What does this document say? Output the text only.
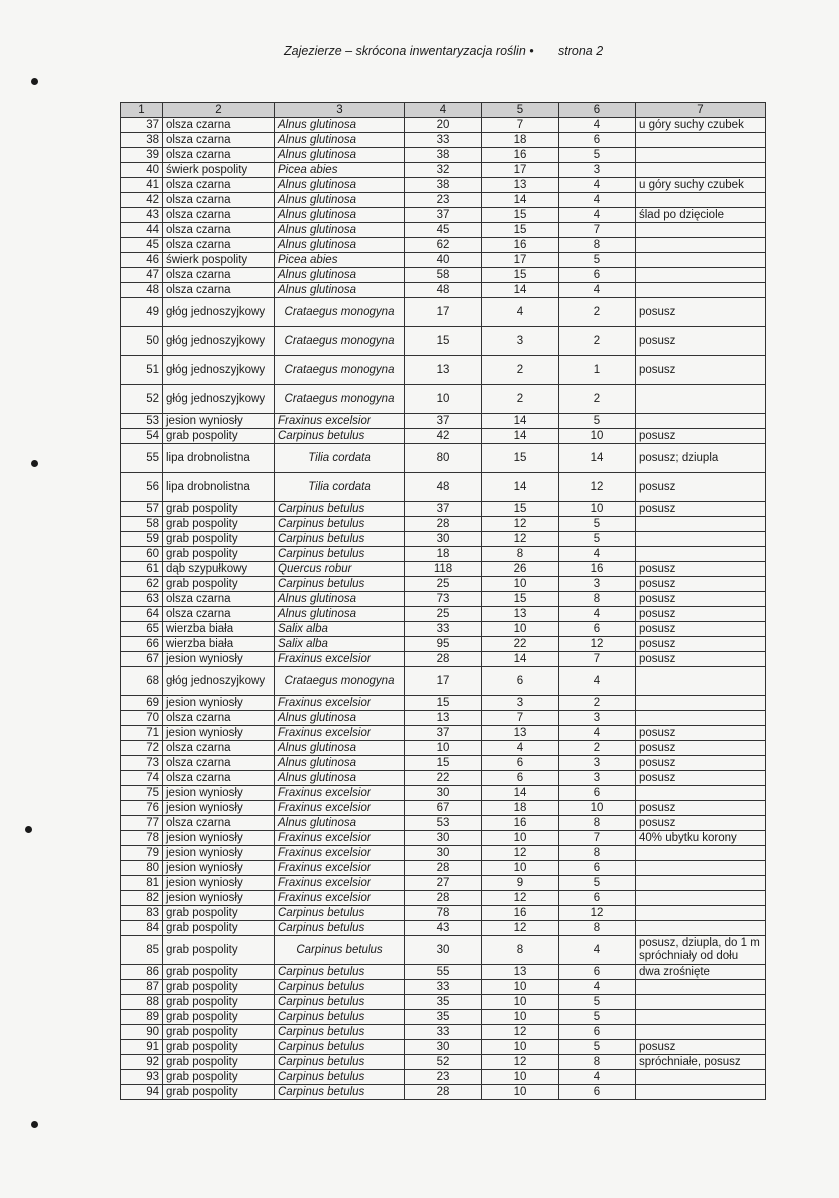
Zajezierze – skrócona inwentaryzacja roślin • strona 2
1	2	3	4	5	6	7
37	olsza czarna	Alnus glutinosa	20	7	4	u góry suchy czubek
38	olsza czarna	Alnus glutinosa	33	18	6	
39	olsza czarna	Alnus glutinosa	38	16	5	
40	świerk pospolity	Picea abies	32	17	3	
41	olsza czarna	Alnus glutinosa	38	13	4	u góry suchy czubek
42	olsza czarna	Alnus glutinosa	23	14	4	
43	olsza czarna	Alnus glutinosa	37	15	4	ślad po dzięciole
44	olsza czarna	Alnus glutinosa	45	15	7	
45	olsza czarna	Alnus glutinosa	62	16	8	
46	świerk pospolity	Picea abies	40	17	5	
47	olsza czarna	Alnus glutinosa	58	15	6	
48	olsza czarna	Alnus glutinosa	48	14	4	
49	głóg jednoszyjkowy	Crataegus monogyna	17	4	2	posusz
50	głóg jednoszyjkowy	Crataegus monogyna	15	3	2	posusz
51	głóg jednoszyjkowy	Crataegus monogyna	13	2	1	posusz
52	głóg jednoszyjkowy	Crataegus monogyna	10	2	2	
53	jesion wyniosły	Fraxinus excelsior	37	14	5	
54	grab pospolity	Carpinus betulus	42	14	10	posusz
55	lipa drobnolistna	Tilia cordata	80	15	14	posusz; dziupla
56	lipa drobnolistna	Tilia cordata	48	14	12	posusz
57	grab pospolity	Carpinus betulus	37	15	10	posusz
58	grab pospolity	Carpinus betulus	28	12	5	
59	grab pospolity	Carpinus betulus	30	12	5	
60	grab pospolity	Carpinus betulus	18	8	4	
61	dąb szypułkowy	Quercus robur	118	26	16	posusz
62	grab pospolity	Carpinus betulus	25	10	3	posusz
63	olsza czarna	Alnus glutinosa	73	15	8	posusz
64	olsza czarna	Alnus glutinosa	25	13	4	posusz
65	wierzba biała	Salix alba	33	10	6	posusz
66	wierzba biała	Salix alba	95	22	12	posusz
67	jesion wyniosły	Fraxinus excelsior	28	14	7	posusz
68	głóg jednoszyjkowy	Crataegus monogyna	17	6	4	
69	jesion wyniosły	Fraxinus excelsior	15	3	2	
70	olsza czarna	Alnus glutinosa	13	7	3	
71	jesion wyniosły	Fraxinus excelsior	37	13	4	posusz
72	olsza czarna	Alnus glutinosa	10	4	2	posusz
73	olsza czarna	Alnus glutinosa	15	6	3	posusz
74	olsza czarna	Alnus glutinosa	22	6	3	posusz
75	jesion wyniosły	Fraxinus excelsior	30	14	6	
76	jesion wyniosły	Fraxinus excelsior	67	18	10	posusz
77	olsza czarna	Alnus glutinosa	53	16	8	posusz
78	jesion wyniosły	Fraxinus excelsior	30	10	7	40% ubytku korony
79	jesion wyniosły	Fraxinus excelsior	30	12	8	
80	jesion wyniosły	Fraxinus excelsior	28	10	6	
81	jesion wyniosły	Fraxinus excelsior	27	9	5	
82	jesion wyniosły	Fraxinus excelsior	28	12	6	
83	grab pospolity	Carpinus betulus	78	16	12	
84	grab pospolity	Carpinus betulus	43	12	8	
85	grab pospolity	Carpinus betulus	30	8	4	posusz, dziupla, do 1 m spróchniały od dołu
86	grab pospolity	Carpinus betulus	55	13	6	dwa zrośnięte
87	grab pospolity	Carpinus betulus	33	10	4	
88	grab pospolity	Carpinus betulus	35	10	5	
89	grab pospolity	Carpinus betulus	35	10	5	
90	grab pospolity	Carpinus betulus	33	12	6	
91	grab pospolity	Carpinus betulus	30	10	5	posusz
92	grab pospolity	Carpinus betulus	52	12	8	spróchniałe, posusz
93	grab pospolity	Carpinus betulus	23	10	4	
94	grab pospolity	Carpinus betulus	28	10	6	
